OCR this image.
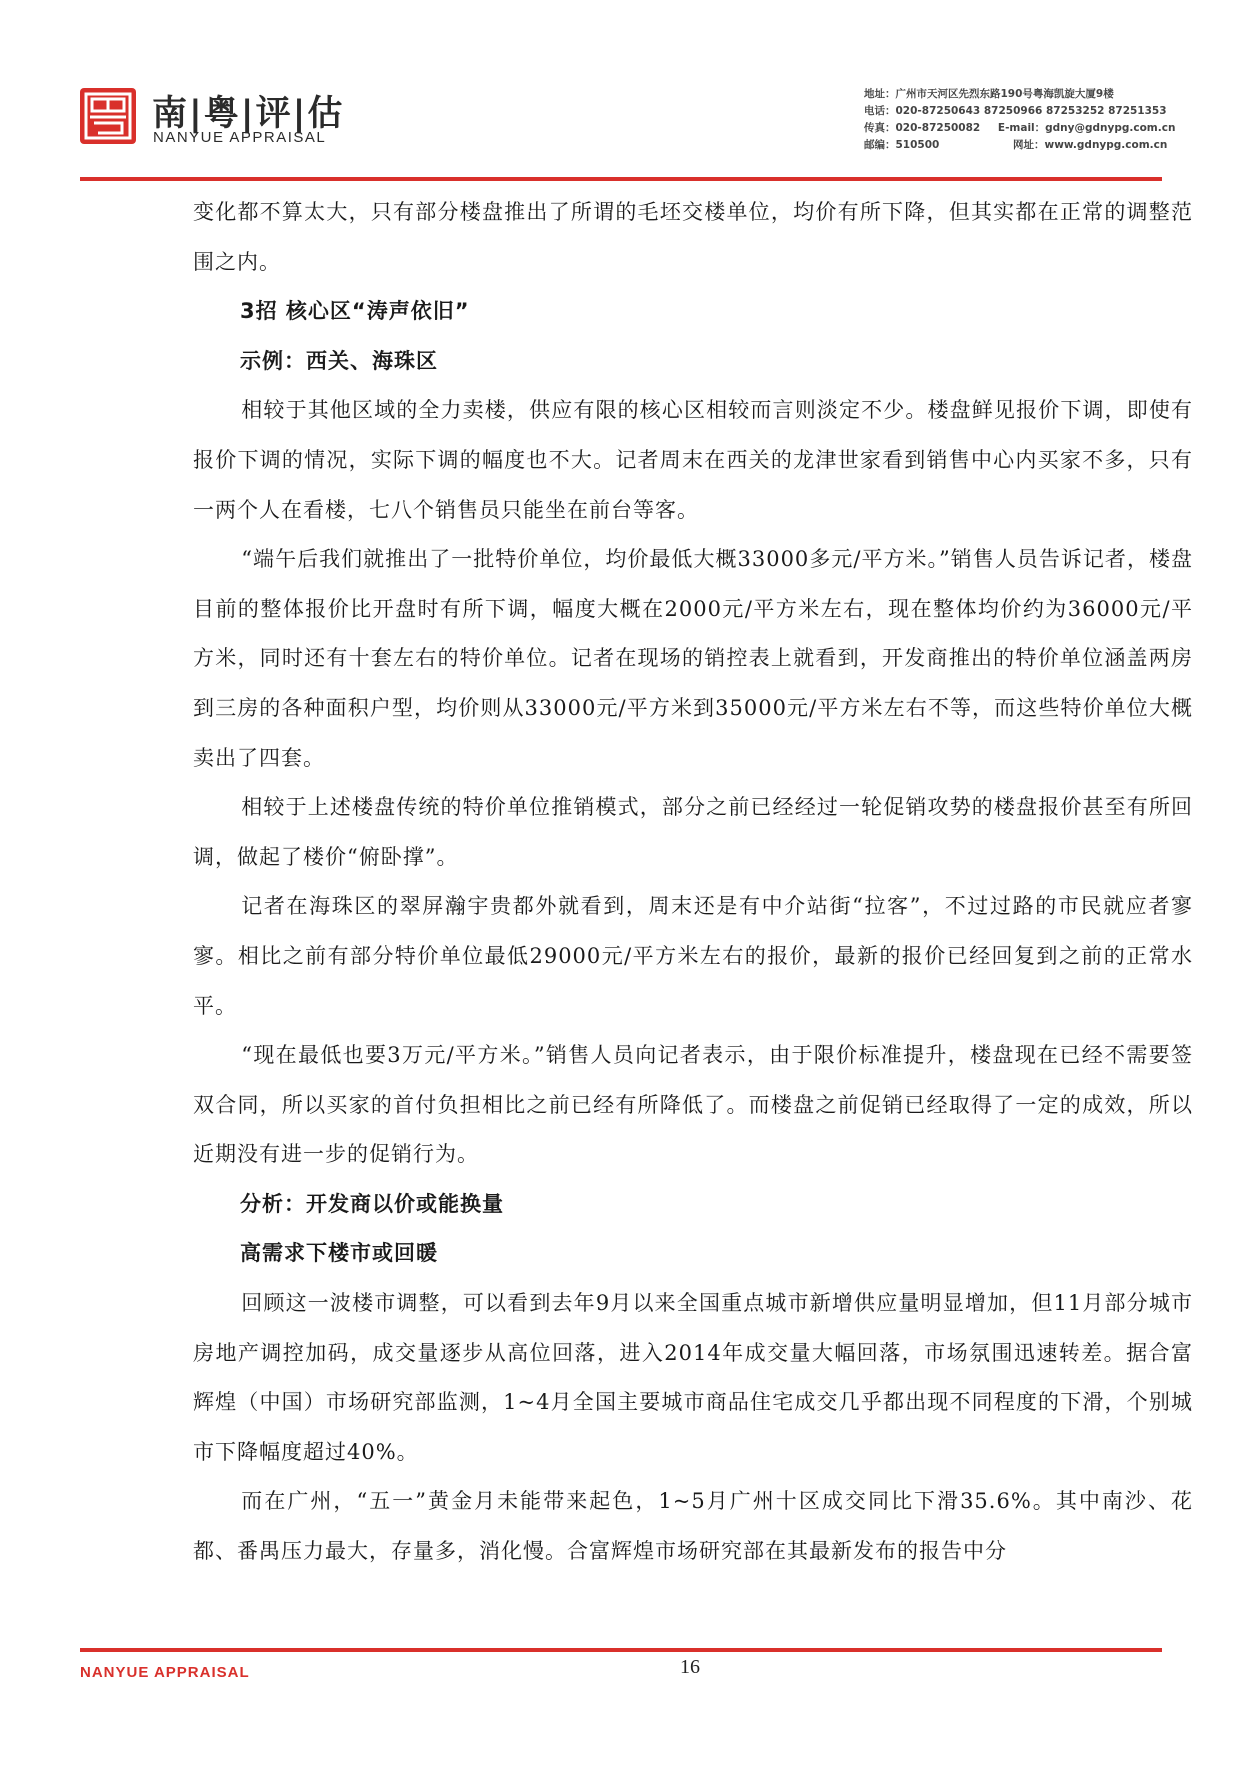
南|粤|评|估
NANYUE APPRAISAL
地址：广州市天河区先烈东路190号粤海凯旋大厦9楼
电话：020-87250643 87250966 87253252 87251353
传真：020-87250082 E-mail：gdny@gdnypg.com.cn
邮编：510500	网址：www.gdnypg.com.cn

变化都不算太大，只有部分楼盘推出了所谓的毛坯交楼单位，均价有所下降，但其实都在正常的调整范围之内。

3招 核心区“涛声依旧”

示例：西关、海珠区

相较于其他区域的全力卖楼，供应有限的核心区相较而言则淡定不少。楼盘鲜见报价下调，即使有报价下调的情况，实际下调的幅度也不大。记者周末在西关的龙津世家看到销售中心内买家不多，只有一两个人在看楼，七八个销售员只能坐在前台等客。

“端午后我们就推出了一批特价单位，均价最低大概33000多元/平方米。”销售人员告诉记者，楼盘目前的整体报价比开盘时有所下调，幅度大概在2000元/平方米左右，现在整体均价约为36000元/平方米，同时还有十套左右的特价单位。记者在现场的销控表上就看到，开发商推出的特价单位涵盖两房到三房的各种面积户型，均价则从33000元/平方米到35000元/平方米左右不等，而这些特价单位大概卖出了四套。

相较于上述楼盘传统的特价单位推销模式，部分之前已经经过一轮促销攻势的楼盘报价甚至有所回调，做起了楼价“俯卧撑”。

记者在海珠区的翠屏瀚宇贵都外就看到，周末还是有中介站街“拉客”，不过过路的市民就应者寥寥。相比之前有部分特价单位最低29000元/平方米左右的报价，最新的报价已经回复到之前的正常水平。

“现在最低也要3万元/平方米。”销售人员向记者表示，由于限价标准提升，楼盘现在已经不需要签双合同，所以买家的首付负担相比之前已经有所降低了。而楼盘之前促销已经取得了一定的成效，所以近期没有进一步的促销行为。

分析：开发商以价或能换量

高需求下楼市或回暖

回顾这一波楼市调整，可以看到去年9月以来全国重点城市新增供应量明显增加，但11月部分城市房地产调控加码，成交量逐步从高位回落，进入2014年成交量大幅回落，市场氛围迅速转差。据合富辉煌（中国）市场研究部监测，1~4月全国主要城市商品住宅成交几乎都出现不同程度的下滑，个别城市下降幅度超过40%。

而在广州，“五一”黄金月未能带来起色，1~5月广州十区成交同比下滑35.6%。其中南沙、花都、番禺压力最大，存量多，消化慢。合富辉煌市场研究部在其最新发布的报告中分

NANYUE APPRAISAL	16
